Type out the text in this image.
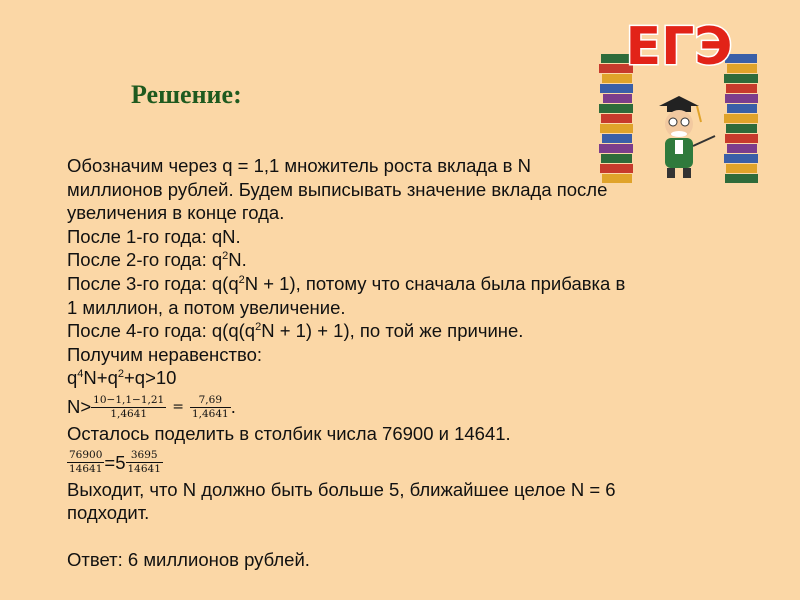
Решение:
ЕГЭ
Обозначим через q = 1,1 множитель роста вклада в N
миллионов рублей. Будем выписывать значение вклада после
увеличения в конце года.
После 1-го года: qN.
После 2-го года: $q^2N$.
После 3-го года: $q(q^2N + 1)$, потому что сначала была прибавка в
1 миллион, а потом увеличение.
После 4-го года: $q(q(q^2N + 1) + 1)$, по той же причине.
Получим неравенство:
$q^4N+q^2+q>10$
$N> \frac{10-1,1-1,21}{1,4641} = \frac{7,69}{1,4641}$ .
Осталось поделить в столбик числа 76900 и 14641.
$\frac{76900}{14641} =5 \frac{3695}{14641}$
Выходит, что N должно быть больше 5, ближайшее целое N = 6
подходит.
Ответ: 6 миллионов рублей.
